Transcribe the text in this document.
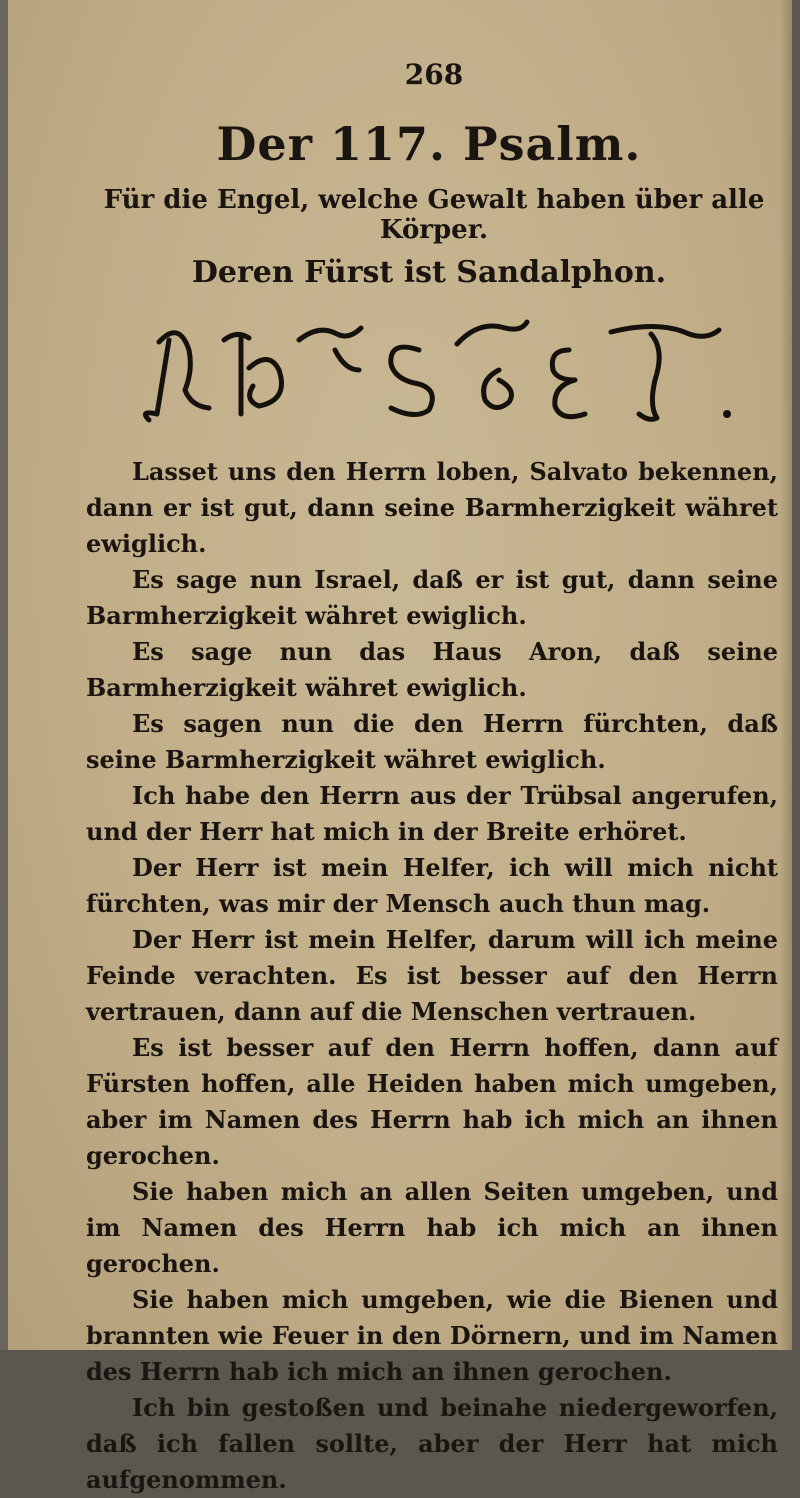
268
Der 117. Psalm.
Für die Engel, welche Gewalt haben über alle Körper.
Deren Fürst ist Sandalphon.

Lasset uns den Herrn loben, Salvato bekennen, dann er ist gut, dann seine Barmherzigkeit währet ewiglich.

Es sage nun Israel, daß er ist gut, dann seine Barmherzigkeit währet ewiglich.

Es sage nun das Haus Aron, daß seine Barmherzigkeit währet ewiglich.

Es sagen nun die den Herrn fürchten, daß seine Barmherzigkeit währet ewiglich.

Ich habe den Herrn aus der Trübsal angerufen, und der Herr hat mich in der Breite erhöret.

Der Herr ist mein Helfer, ich will mich nicht fürchten, was mir der Mensch auch thun mag.

Der Herr ist mein Helfer, darum will ich meine Feinde verachten. Es ist besser auf den Herrn vertrauen, dann auf die Menschen vertrauen.

Es ist besser auf den Herrn hoffen, dann auf Fürsten hoffen, alle Heiden haben mich umgeben, aber im Namen des Herrn hab ich mich an ihnen gerochen.

Sie haben mich an allen Seiten umgeben, und im Namen des Herrn hab ich mich an ihnen gerochen.

Sie haben mich umgeben, wie die Bienen und brannten wie Feuer in den Dörnern, und im Namen des Herrn hab ich mich an ihnen gerochen.

Ich bin gestoßen und beinahe niedergeworfen, daß ich fallen sollte, aber der Herr hat mich aufgenommen.
